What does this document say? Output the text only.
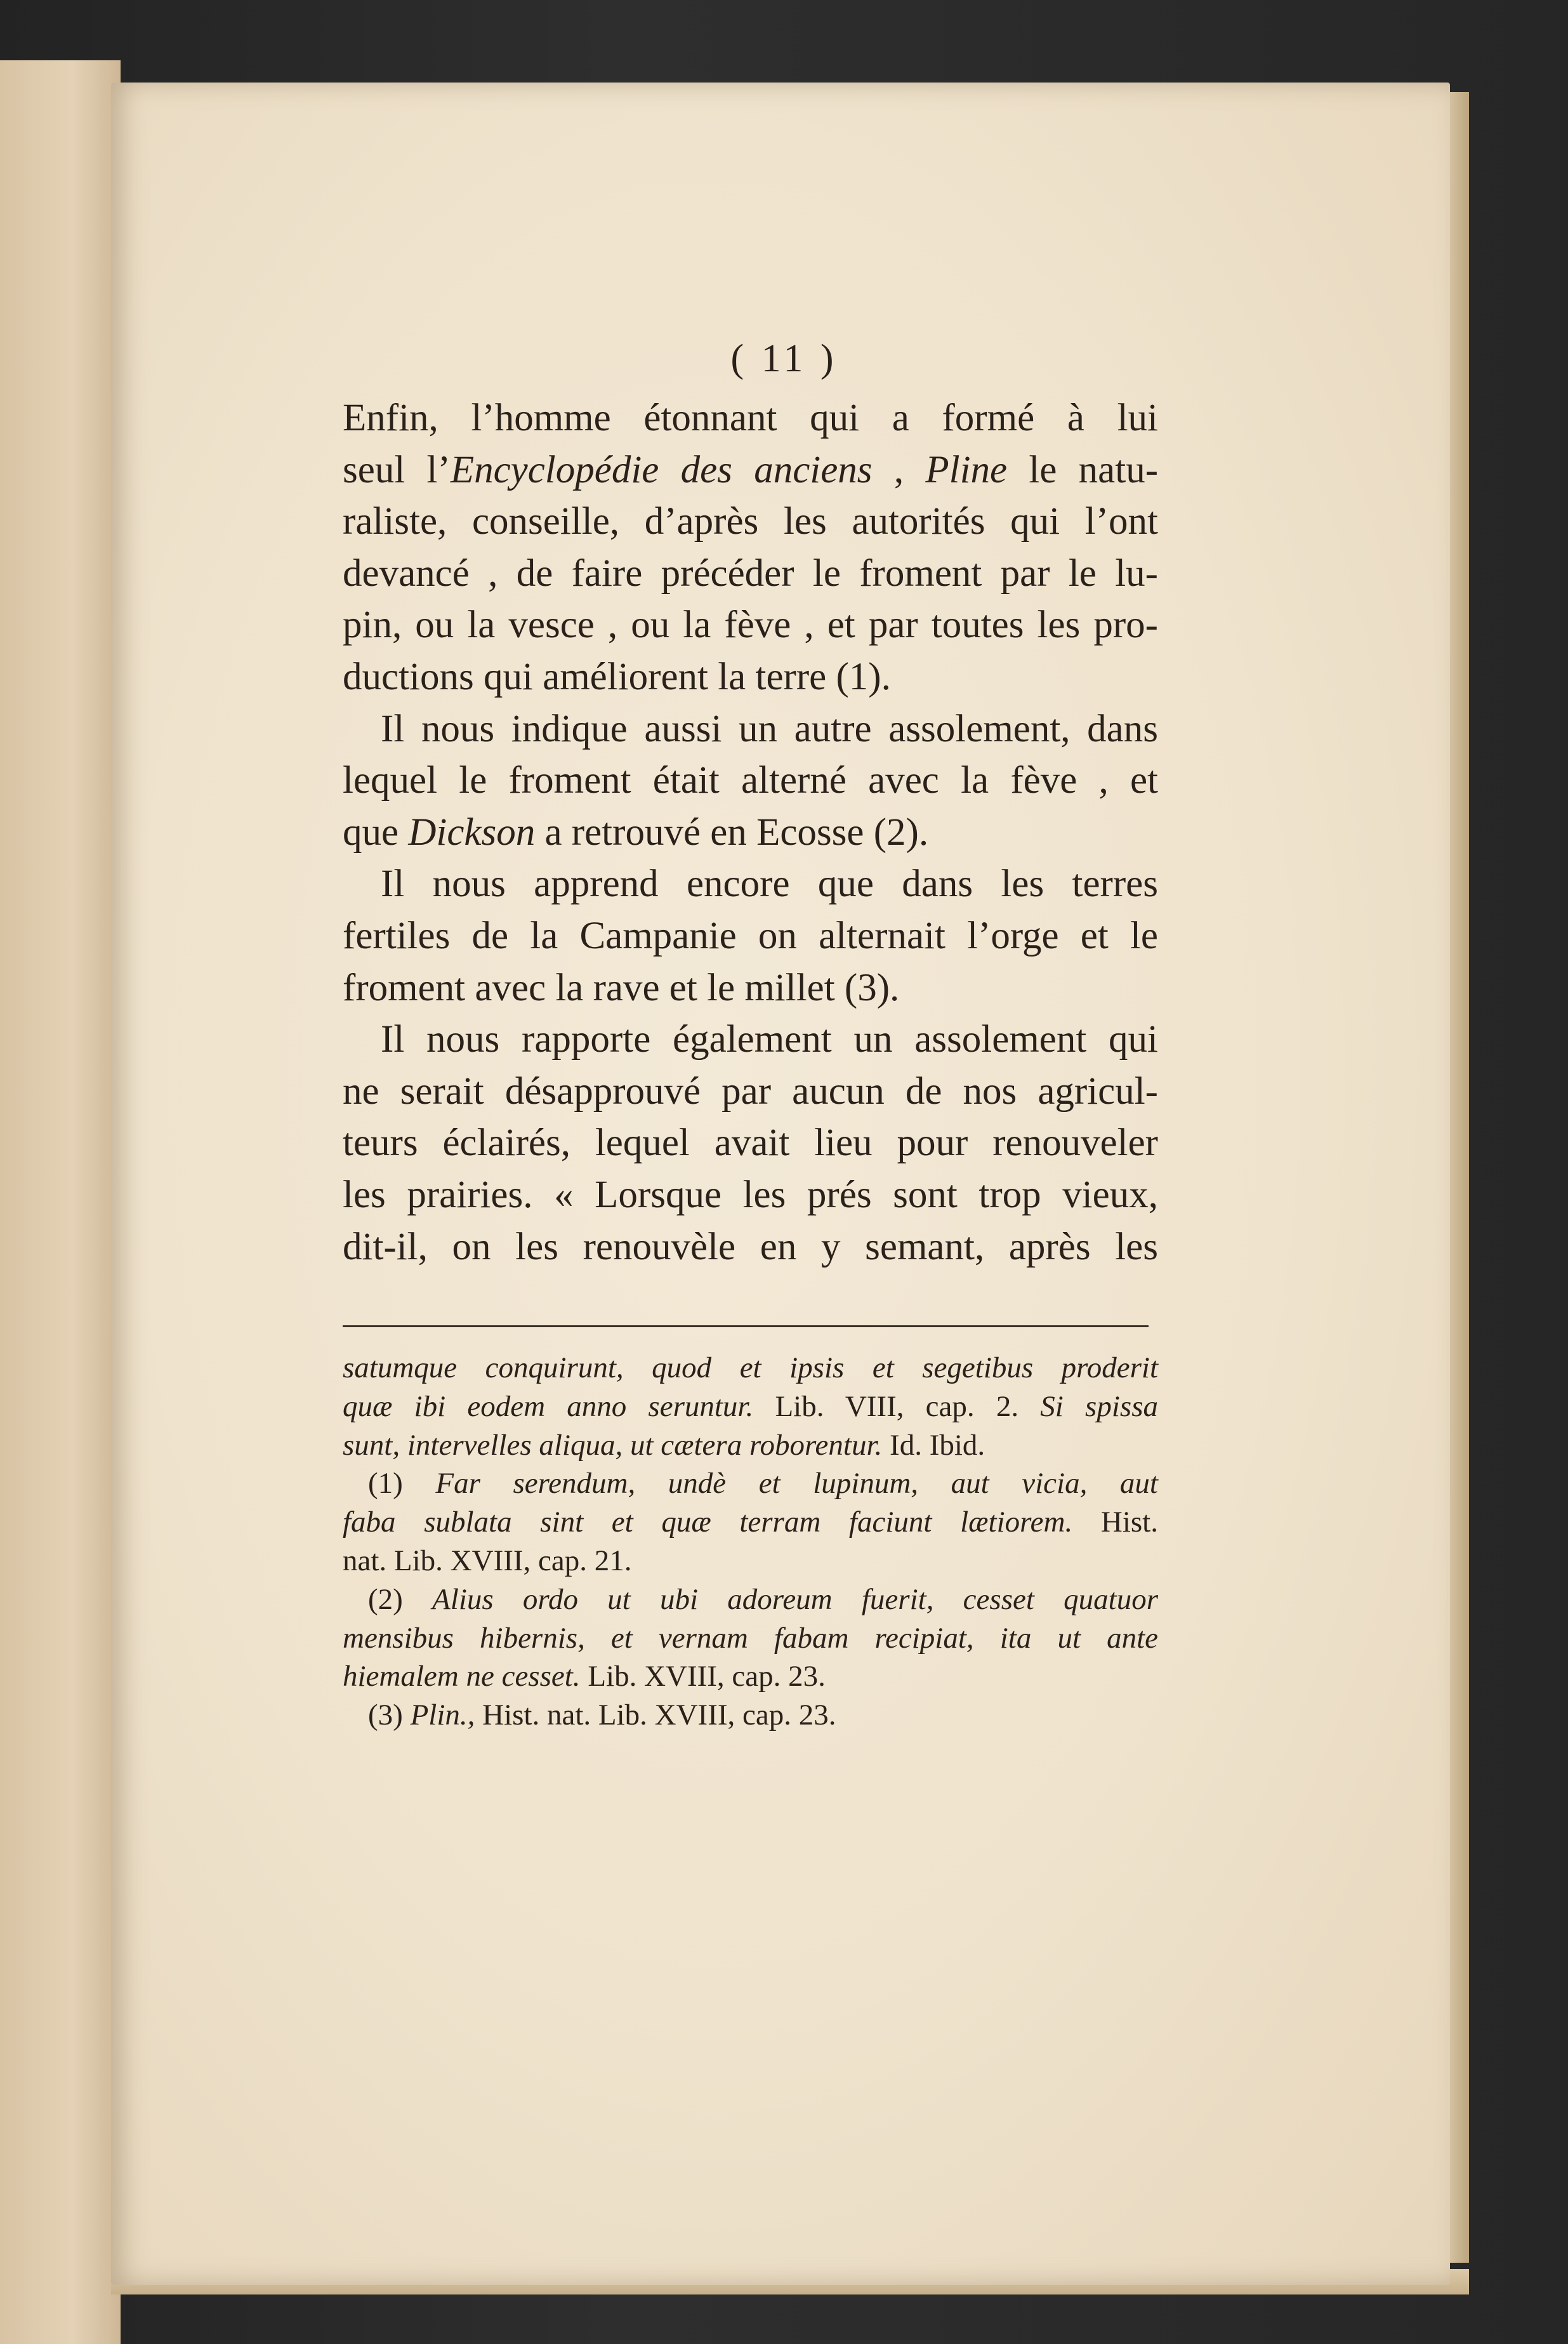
( 11 )
Enfin, l’homme étonnant qui a formé à lui
seul l’Encyclopédie des anciens , Pline le natu-
raliste, conseille, d’après les autorités qui l’ont
devancé , de faire précéder le froment par le lu-
pin, ou la vesce , ou la fève , et par toutes les pro-
ductions qui améliorent la terre (1).
Il nous indique aussi un autre assolement, dans
lequel le froment était alterné avec la fève , et
que Dickson a retrouvé en Ecosse (2).
Il nous apprend encore que dans les terres
fertiles de la Campanie on alternait l’orge et le
froment avec la rave et le millet (3).
Il nous rapporte également un assolement qui
ne serait désapprouvé par aucun de nos agricul-
teurs éclairés, lequel avait lieu pour renouveler
les prairies. « Lorsque les prés sont trop vieux,
dit-il, on les renouvèle en y semant, après les
satumque conquirunt, quod et ipsis et segetibus proderit
quæ ibi eodem anno seruntur. Lib. VIII, cap. 2. Si spissa
sunt, intervelles aliqua, ut cætera roborentur. Id. Ibid.
(1) Far serendum, undè et lupinum, aut vicia, aut
faba sublata sint et quæ terram faciunt lætiorem. Hist.
nat. Lib. XVIII, cap. 21.
(2) Alius ordo ut ubi adoreum fuerit, cesset quatuor
mensibus hibernis, et vernam fabam recipiat, ita ut ante
hiemalem ne cesset. Lib. XVIII, cap. 23.
(3) Plin., Hist. nat. Lib. XVIII, cap. 23.
